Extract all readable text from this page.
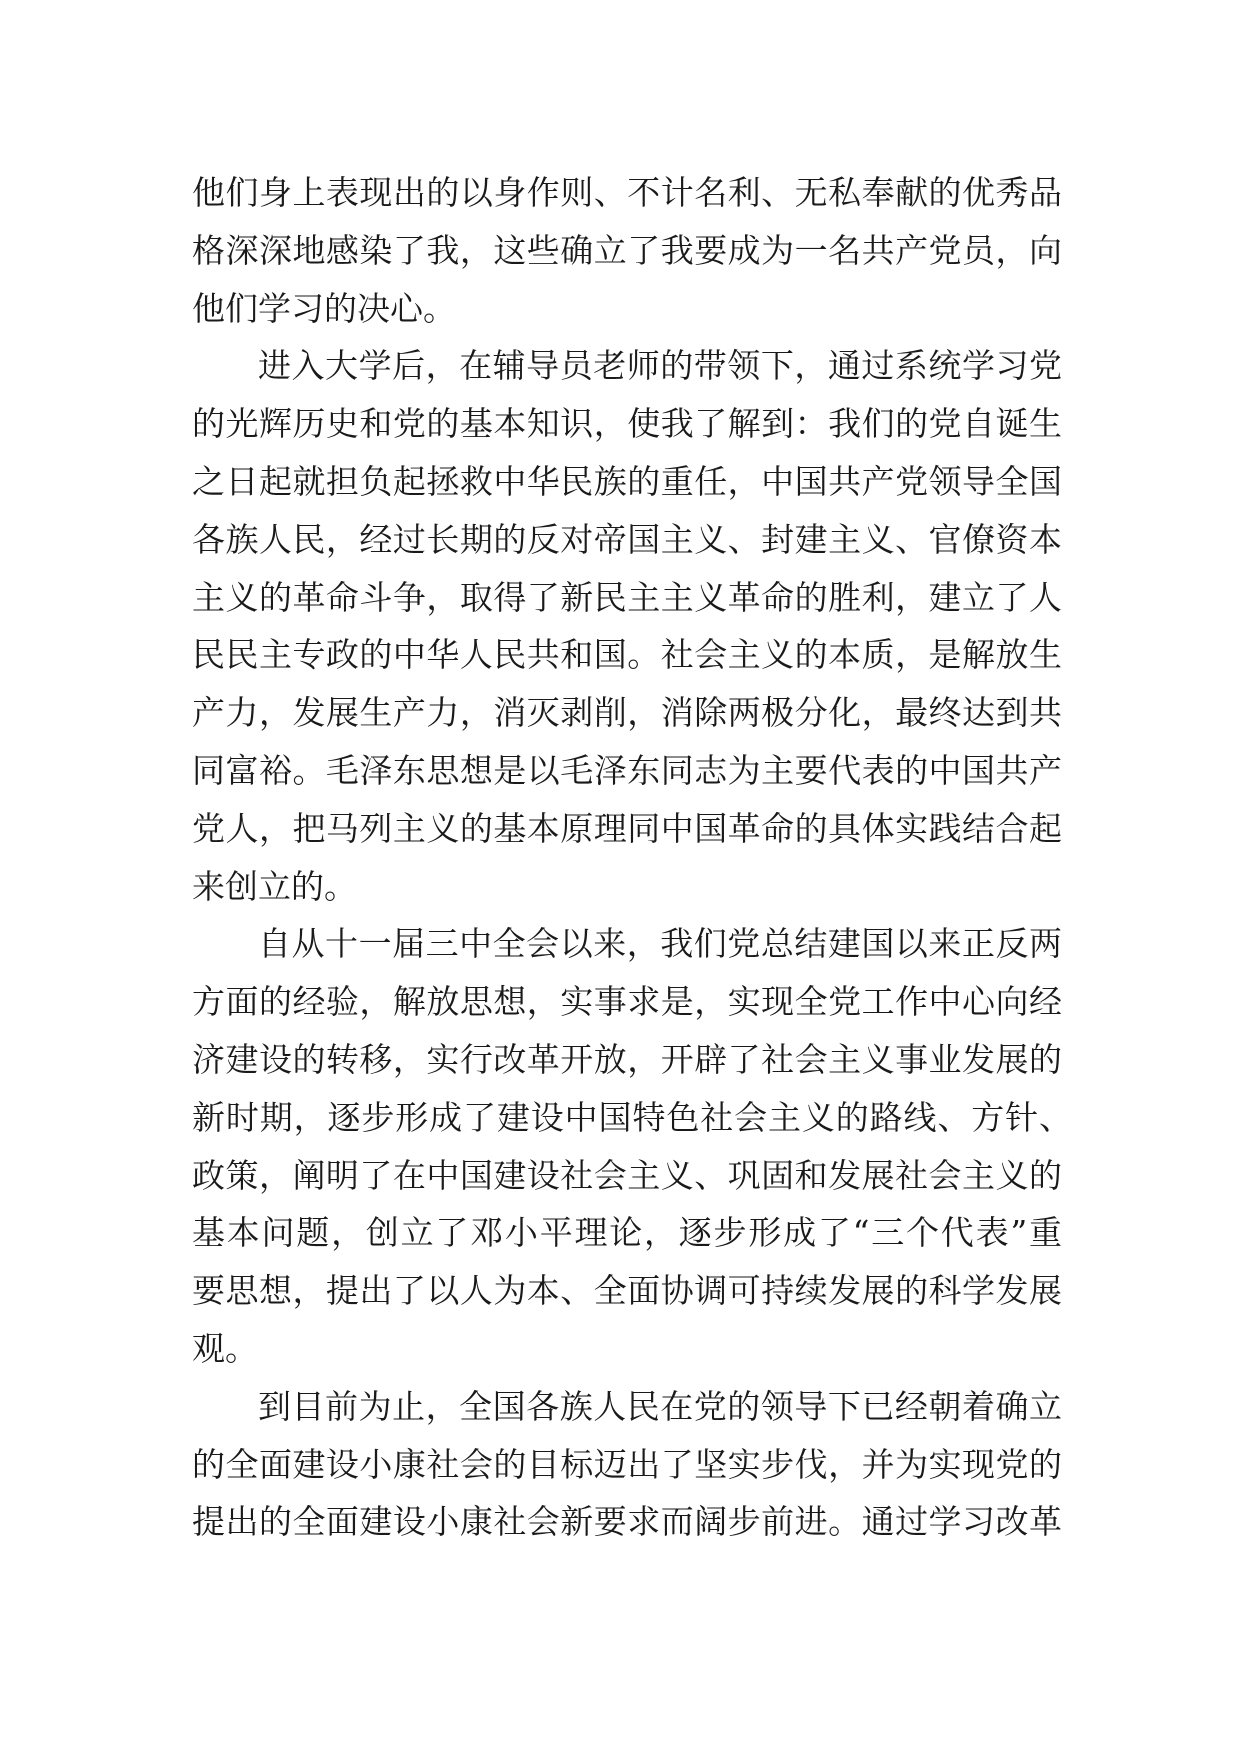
他们身上表现出的以身作则、不计名利、无私奉献的优秀品
格深深地感染了我，这些确立了我要成为一名共产党员，向
他们学习的决心。
进入大学后，在辅导员老师的带领下，通过系统学习党
的光辉历史和党的基本知识，使我了解到：我们的党自诞生
之日起就担负起拯救中华民族的重任，中国共产党领导全国
各族人民，经过长期的反对帝国主义、封建主义、官僚资本
主义的革命斗争，取得了新民主主义革命的胜利，建立了人
民民主专政的中华人民共和国。社会主义的本质，是解放生
产力，发展生产力，消灭剥削，消除两极分化，最终达到共
同富裕。毛泽东思想是以毛泽东同志为主要代表的中国共产
党人，把马列主义的基本原理同中国革命的具体实践结合起
来创立的。
自从十一届三中全会以来，我们党总结建国以来正反两
方面的经验，解放思想，实事求是，实现全党工作中心向经
济建设的转移，实行改革开放，开辟了社会主义事业发展的
新时期，逐步形成了建设中国特色社会主义的路线、方针、
政策，阐明了在中国建设社会主义、巩固和发展社会主义的
基本问题，创立了邓小平理论，逐步形成了“三个代表”重
要思想，提出了以人为本、全面协调可持续发展的科学发展
观。
到目前为止，全国各族人民在党的领导下已经朝着确立
的全面建设小康社会的目标迈出了坚实步伐，并为实现党的
提出的全面建设小康社会新要求而阔步前进。通过学习改革
